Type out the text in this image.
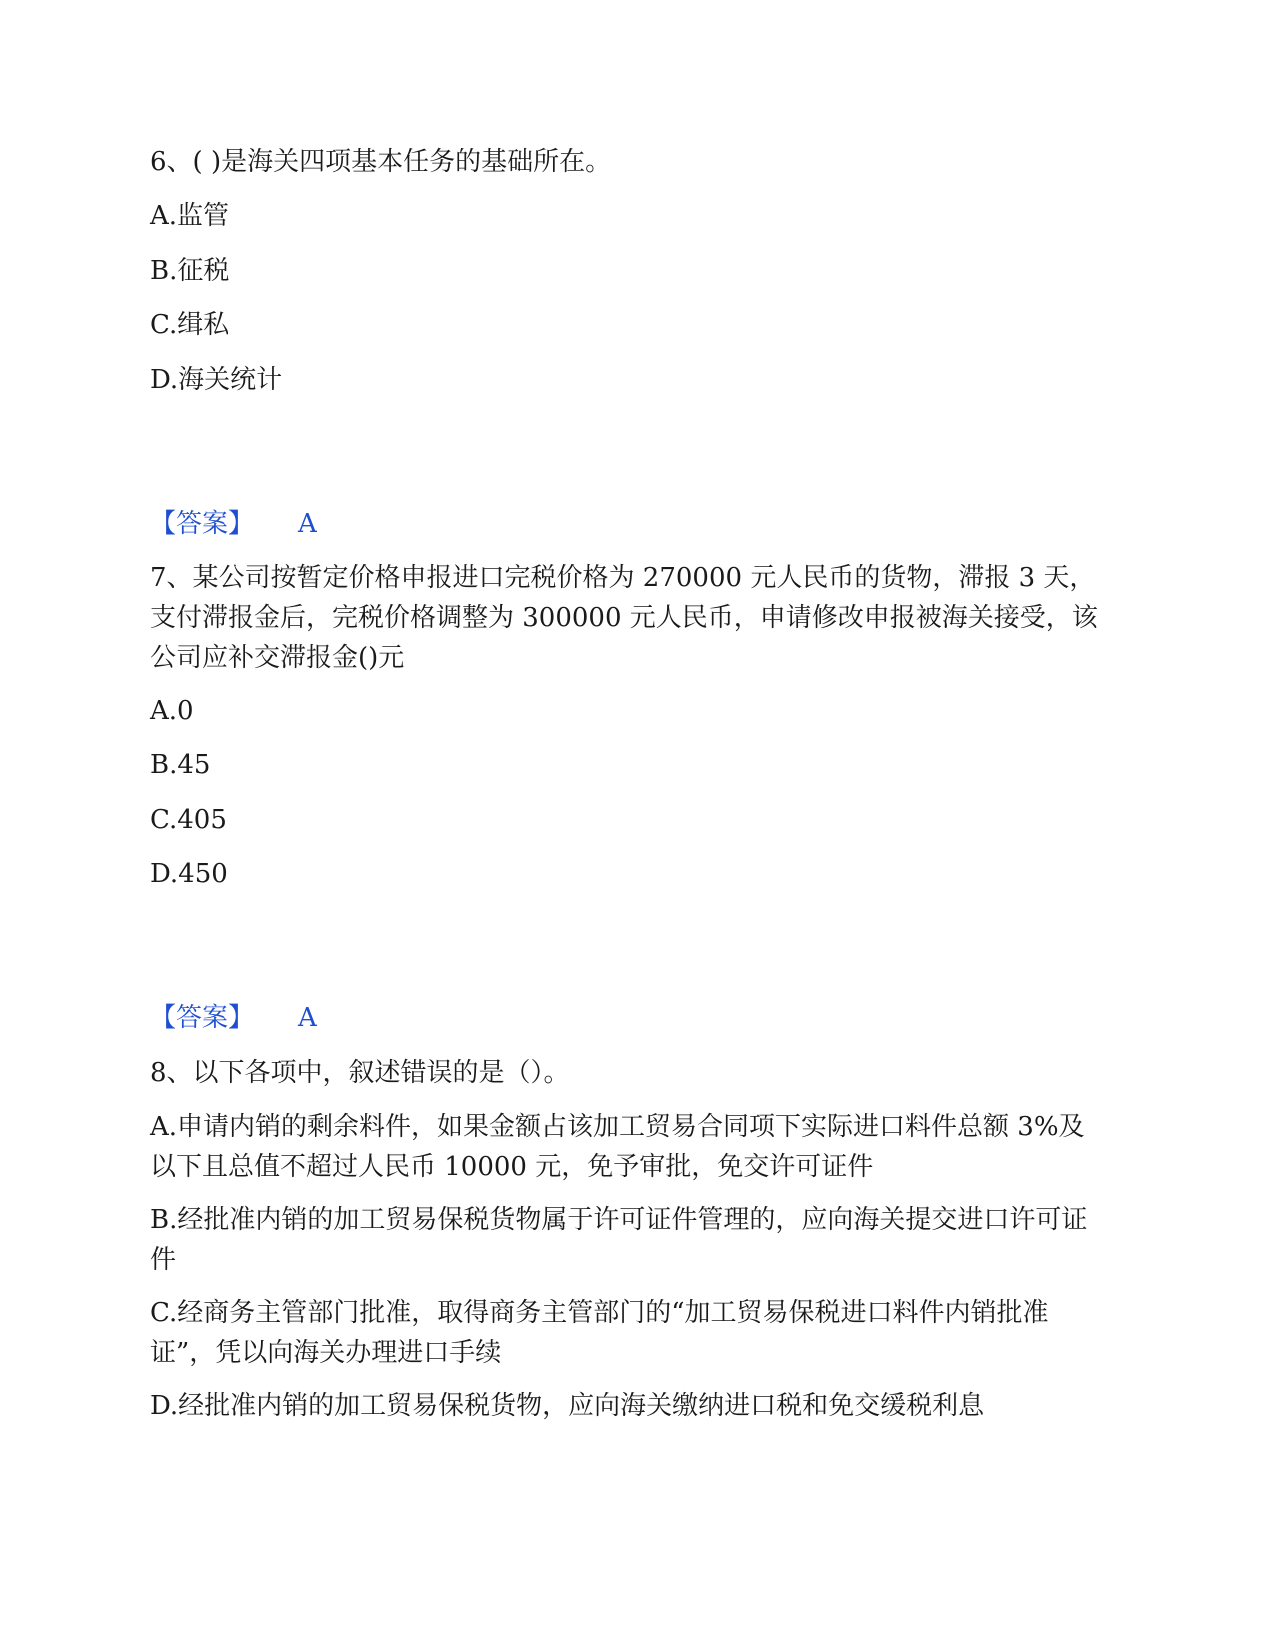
6、( )是海关四项基本任务的基础所在。
A.监管
B.征税
C.缉私
D.海关统计
【答案】 A
7、某公司按暂定价格申报进口完税价格为 270000 元人民币的货物，滞报 3 天，支付滞报金后，完税价格调整为 300000 元人民币，申请修改申报被海关接受，该公司应补交滞报金()元
A.0
B.45
C.405
D.450
【答案】 A
8、以下各项中，叙述错误的是（）。
A.申请内销的剩余料件，如果金额占该加工贸易合同项下实际进口料件总额 3%及以下且总值不超过人民币 10000 元，免予审批，免交许可证件
B.经批准内销的加工贸易保税货物属于许可证件管理的，应向海关提交进口许可证件
C.经商务主管部门批准，取得商务主管部门的“加工贸易保税进口料件内销批准证”，凭以向海关办理进口手续
D.经批准内销的加工贸易保税货物，应向海关缴纳进口税和免交缓税利息
